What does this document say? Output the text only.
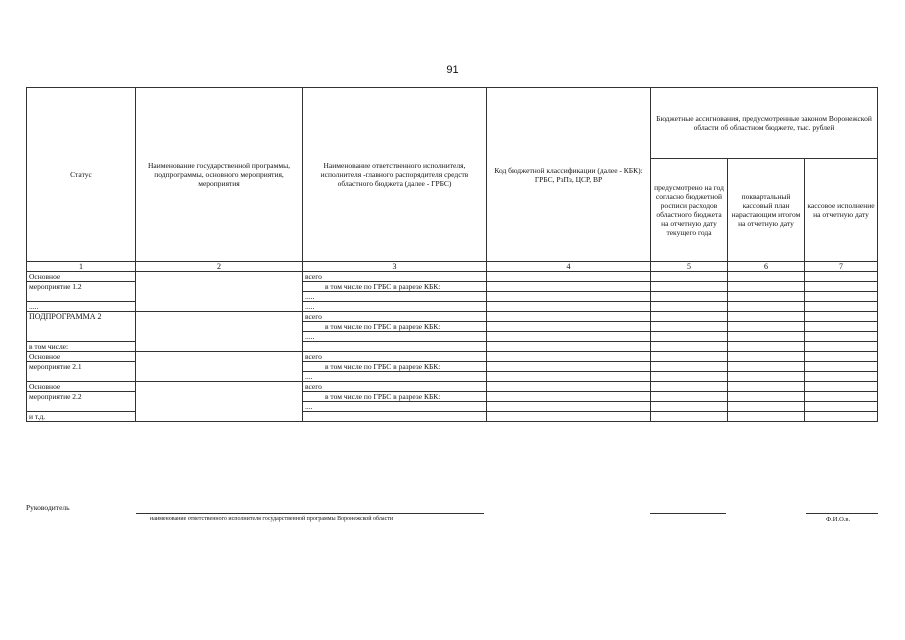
91
Статус	Наименование государственной программы, подпрограммы, основного мероприятия, мероприятия	Наименование ответственного исполнителя, исполнителя -главного распорядителя средств областного бюджета (далее - ГРБС)	Код бюджетной классификации (далее - КБК): ГРБС, РзПз, ЦСР, ВР	Бюджетные ассигнования, предусмотренные законом Воронежской области об областном бюджете, тыс. рублей		

				предусмотрено на год согласно бюджетной росписи расходов областного бюджета на отчетную дату текущего года	поквартальный кассовый план нарастающим итогом на отчетную дату	кассовое исполнение на отчетную дату

1	2	3	4	5	6	7
Основное		всего				
мероприятие 1.2		в том числе по ГРБС в разрезе КБК:				

		.....				
.....		.....				
ПОДПРОГРАММА 2		всего				

		в том числе по ГРБС в разрезе КБК:				

		.....				
в том числе:						
Основное		всего				
мероприятие 2.1		в том числе по ГРБС в разрезе КБК:				

		....				
Основное		всего				
мероприятие 2.2		в том числе по ГРБС в разрезе КБК:				

		....				
и т.д.						
Руководитель
наименование ответственного исполнителя государственной программы Воронежской области	Ф.И.О.в.
